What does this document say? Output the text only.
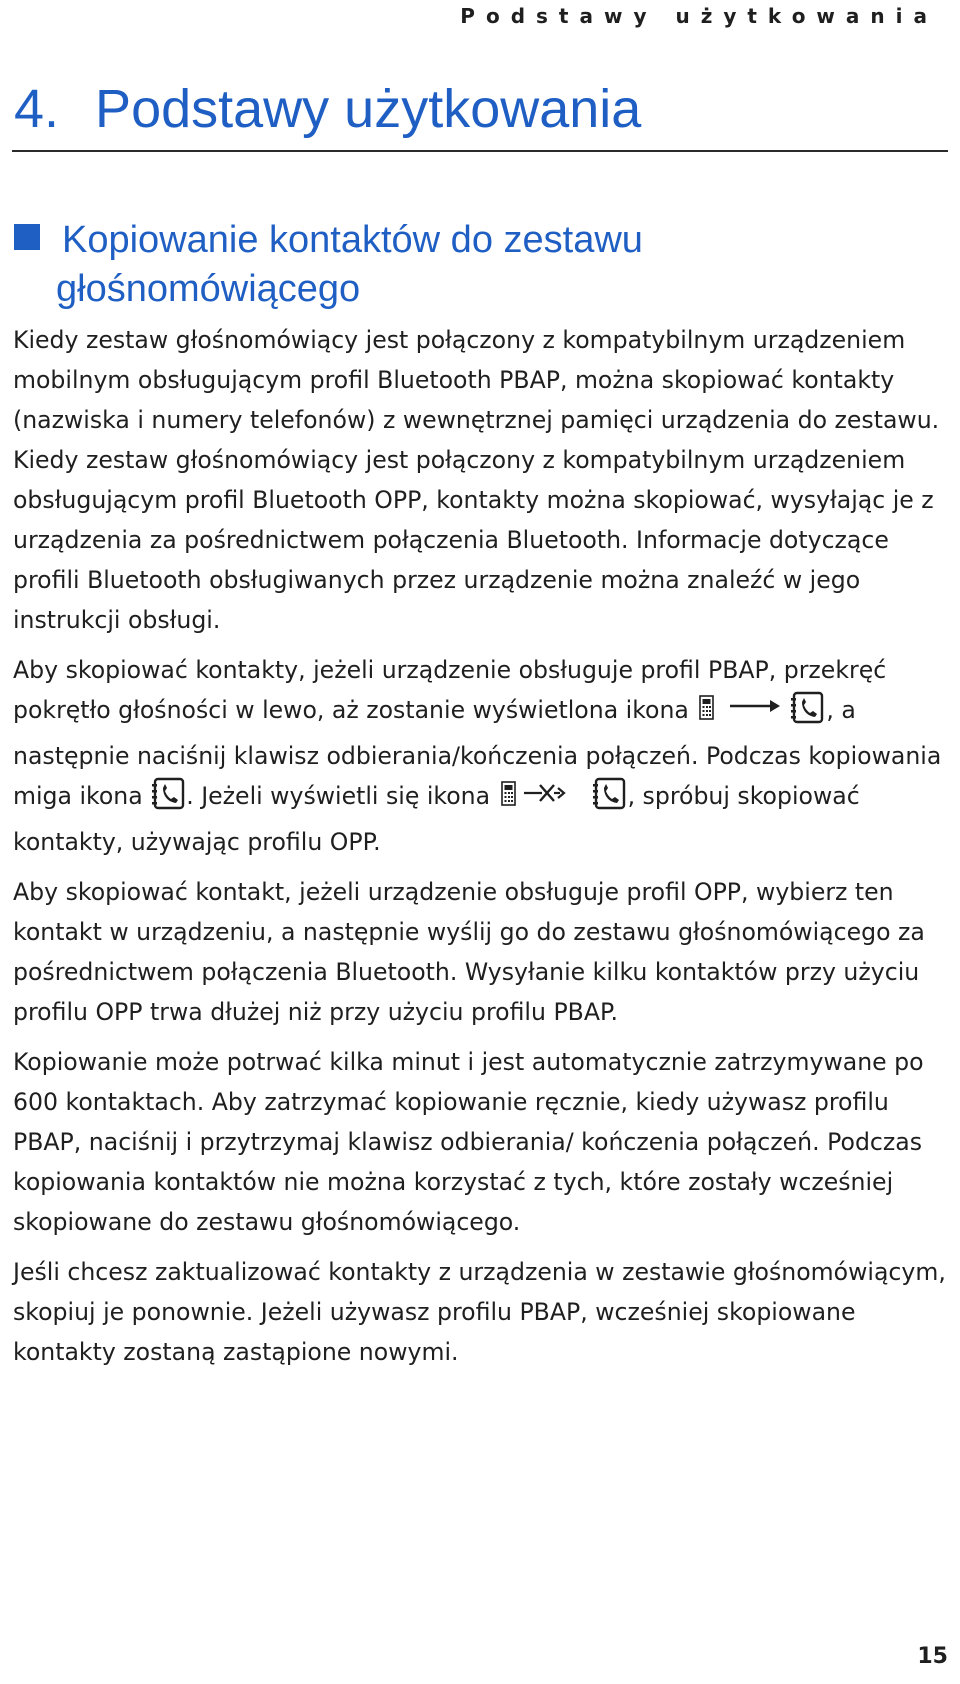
Podstawy użytkowania
4. Podstawy użytkowania
Kopiowanie kontaktów do zestawu
głośnomówiącego

Kiedy zestaw głośnomówiący jest połączony z kompatybilnym urządzeniem mobilnym obsługującym profil Bluetooth PBAP, można skopiować kontakty (nazwiska i numery telefonów) z wewnętrznej pamięci urządzenia do zestawu. Kiedy zestaw głośnomówiący jest połączony z kompatybilnym urządzeniem obsługującym profil Bluetooth OPP, kontakty można skopiować, wysyłając je z urządzenia za pośrednictwem połączenia Bluetooth. Informacje dotyczące profili Bluetooth obsługiwanych przez urządzenie można znaleźć w jego instrukcji obsługi.

Aby skopiować kontakty, jeżeli urządzenie obsługuje profil PBAP, przekręć pokrętło głośności w lewo, aż zostanie wyświetlona ikona	, a następnie naciśnij klawisz odbierania/kończenia połączeń. Podczas kopiowania miga ikona . Jeżeli wyświetli się ikona	, spróbuj skopiować kontakty, używając profilu OPP.

Aby skopiować kontakt, jeżeli urządzenie obsługuje profil OPP, wybierz ten kontakt w urządzeniu, a następnie wyślij go do zestawu głośnomówiącego za pośrednictwem połączenia Bluetooth. Wysyłanie kilku kontaktów przy użyciu profilu OPP trwa dłużej niż przy użyciu profilu PBAP.

Kopiowanie może potrwać kilka minut i jest automatycznie zatrzymywane po 600 kontaktach. Aby zatrzymać kopiowanie ręcznie, kiedy używasz profilu PBAP, naciśnij i przytrzymaj klawisz odbierania/ kończenia połączeń. Podczas kopiowania kontaktów nie można korzystać z tych, które zostały wcześniej skopiowane do zestawu głośnomówiącego.

Jeśli chcesz zaktualizować kontakty z urządzenia w zestawie głośnomówiącym, skopiuj je ponownie. Jeżeli używasz profilu PBAP, wcześniej skopiowane kontakty zostaną zastąpione nowymi.

15
